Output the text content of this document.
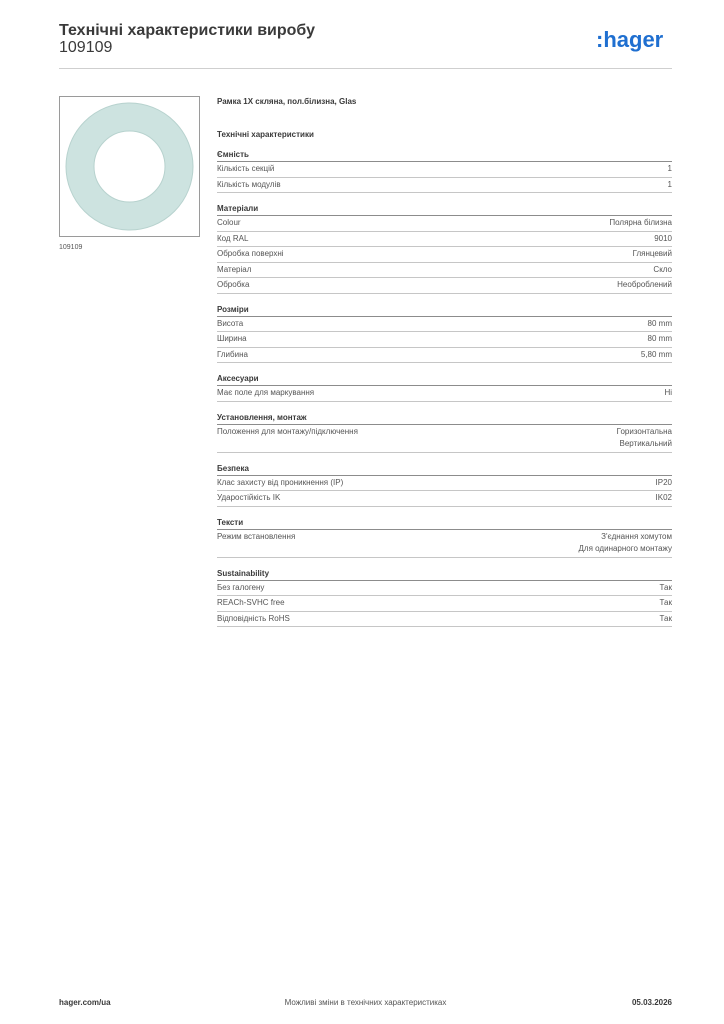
Технічні характеристики виробу
109109	:hager
109109
Рамка 1X скляна, пол.білизна, Glas
Технічні характеристики
Ємність
Кількість секцій	1
Кількість модулів	1
Матеріали
Colour	Полярна білизна
Код RAL	9010
Обробка поверхні	Глянцевий
Матеріал	Скло
Обробка	Необроблений
Розміри
Висота	80 mm
Ширина	80 mm
Глибина	5,80 mm
Аксесуари
Має поле для маркування	Ні
Установлення, монтаж
Положення для монтажу/підключення	Горизонтальна
Вертикальний
Безпека
Клас захисту від проникнення (IP)	IP20
Ударостійкість IK	IK02
Тексти
Режим встановлення	З'єднання хомутом
Для одинарного монтажу
Sustainability
Без галогену	Так
REACh-SVHC free	Так
Відповідність RoHS	Так
hager.com/ua	Можливі зміни в технічних характеристиках	05.03.2026
